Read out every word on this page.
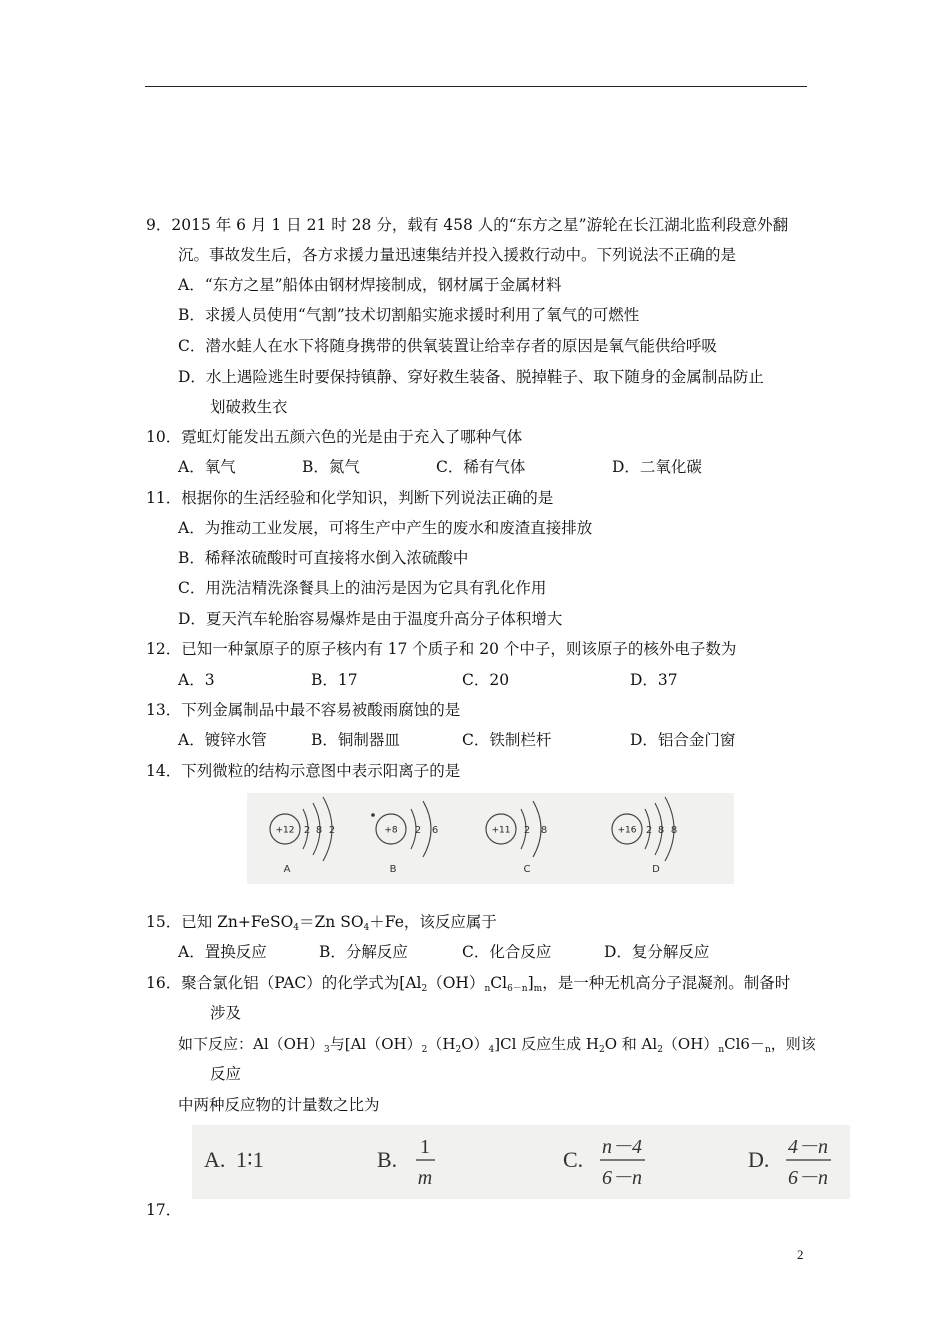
9．2015 年 6 月 1 日 21 时 28 分，载有 458 人的“东方之星”游轮在长江湖北监利段意外翻
沉。事故发生后，各方求援力量迅速集结并投入援救行动中。下列说法不正确的是
A．“东方之星”船体由钢材焊接制成，钢材属于金属材料
B．求援人员使用“气割”技术切割船实施求援时利用了氧气的可燃性
C．潜水蛙人在水下将随身携带的供氧装置让给幸存者的原因是氧气能供给呼吸
D．水上遇险逃生时要保持镇静、穿好救生装备、脱掉鞋子、取下随身的金属制品防止
划破救生衣
10．霓虹灯能发出五颜六色的光是由于充入了哪种气体
A．氧气	B．氮气	C．稀有气体	D．二氧化碳
11．根据你的生活经验和化学知识，判断下列说法正确的是
A．为推动工业发展，可将生产中产生的废水和废渣直接排放
B．稀释浓硫酸时可直接将水倒入浓硫酸中
C．用洗洁精洗涤餐具上的油污是因为它具有乳化作用
D．夏天汽车轮胎容易爆炸是由于温度升高分子体积增大
12．已知一种氯原子的原子核内有 17 个质子和 20 个中子，则该原子的核外电子数为
A．3	B．17	C．20	D．37
13．下列金属制品中最不容易被酸雨腐蚀的是
A．镀锌水管	B．铜制器皿	C．铁制栏杆	D．铝合金门窗
14．下列微粒的结构示意图中表示阳离子的是
+12 2 8 2
A
+8 2 6
B
+11 2 8
C
+16 2 8 8
D
15．已知 Zn+FeSO$_4$＝Zn $SO_4+Fe$，该反应属于
A．置换反应	B．分解反应	C．化合反应	D．复分解反应
16．聚合氯化铝（PAC）的化学式为$[Al_2(OH)_nCl_{6-n}]_m$，是一种无机高分子混凝剂。制备时
涉及
如下反应：$Al(OH)_3$与$[Al(OH)_2(H_2O)_4]Cl$ 反应生成 $H_2O$ 和 $Al_2(OH)_nCl6-_n$，则该
反应
中两种反应物的计量数之比为
A. 1∶1	B. 1
m
C. n－4
6－n
D. 4－n
6－n
17．
2
